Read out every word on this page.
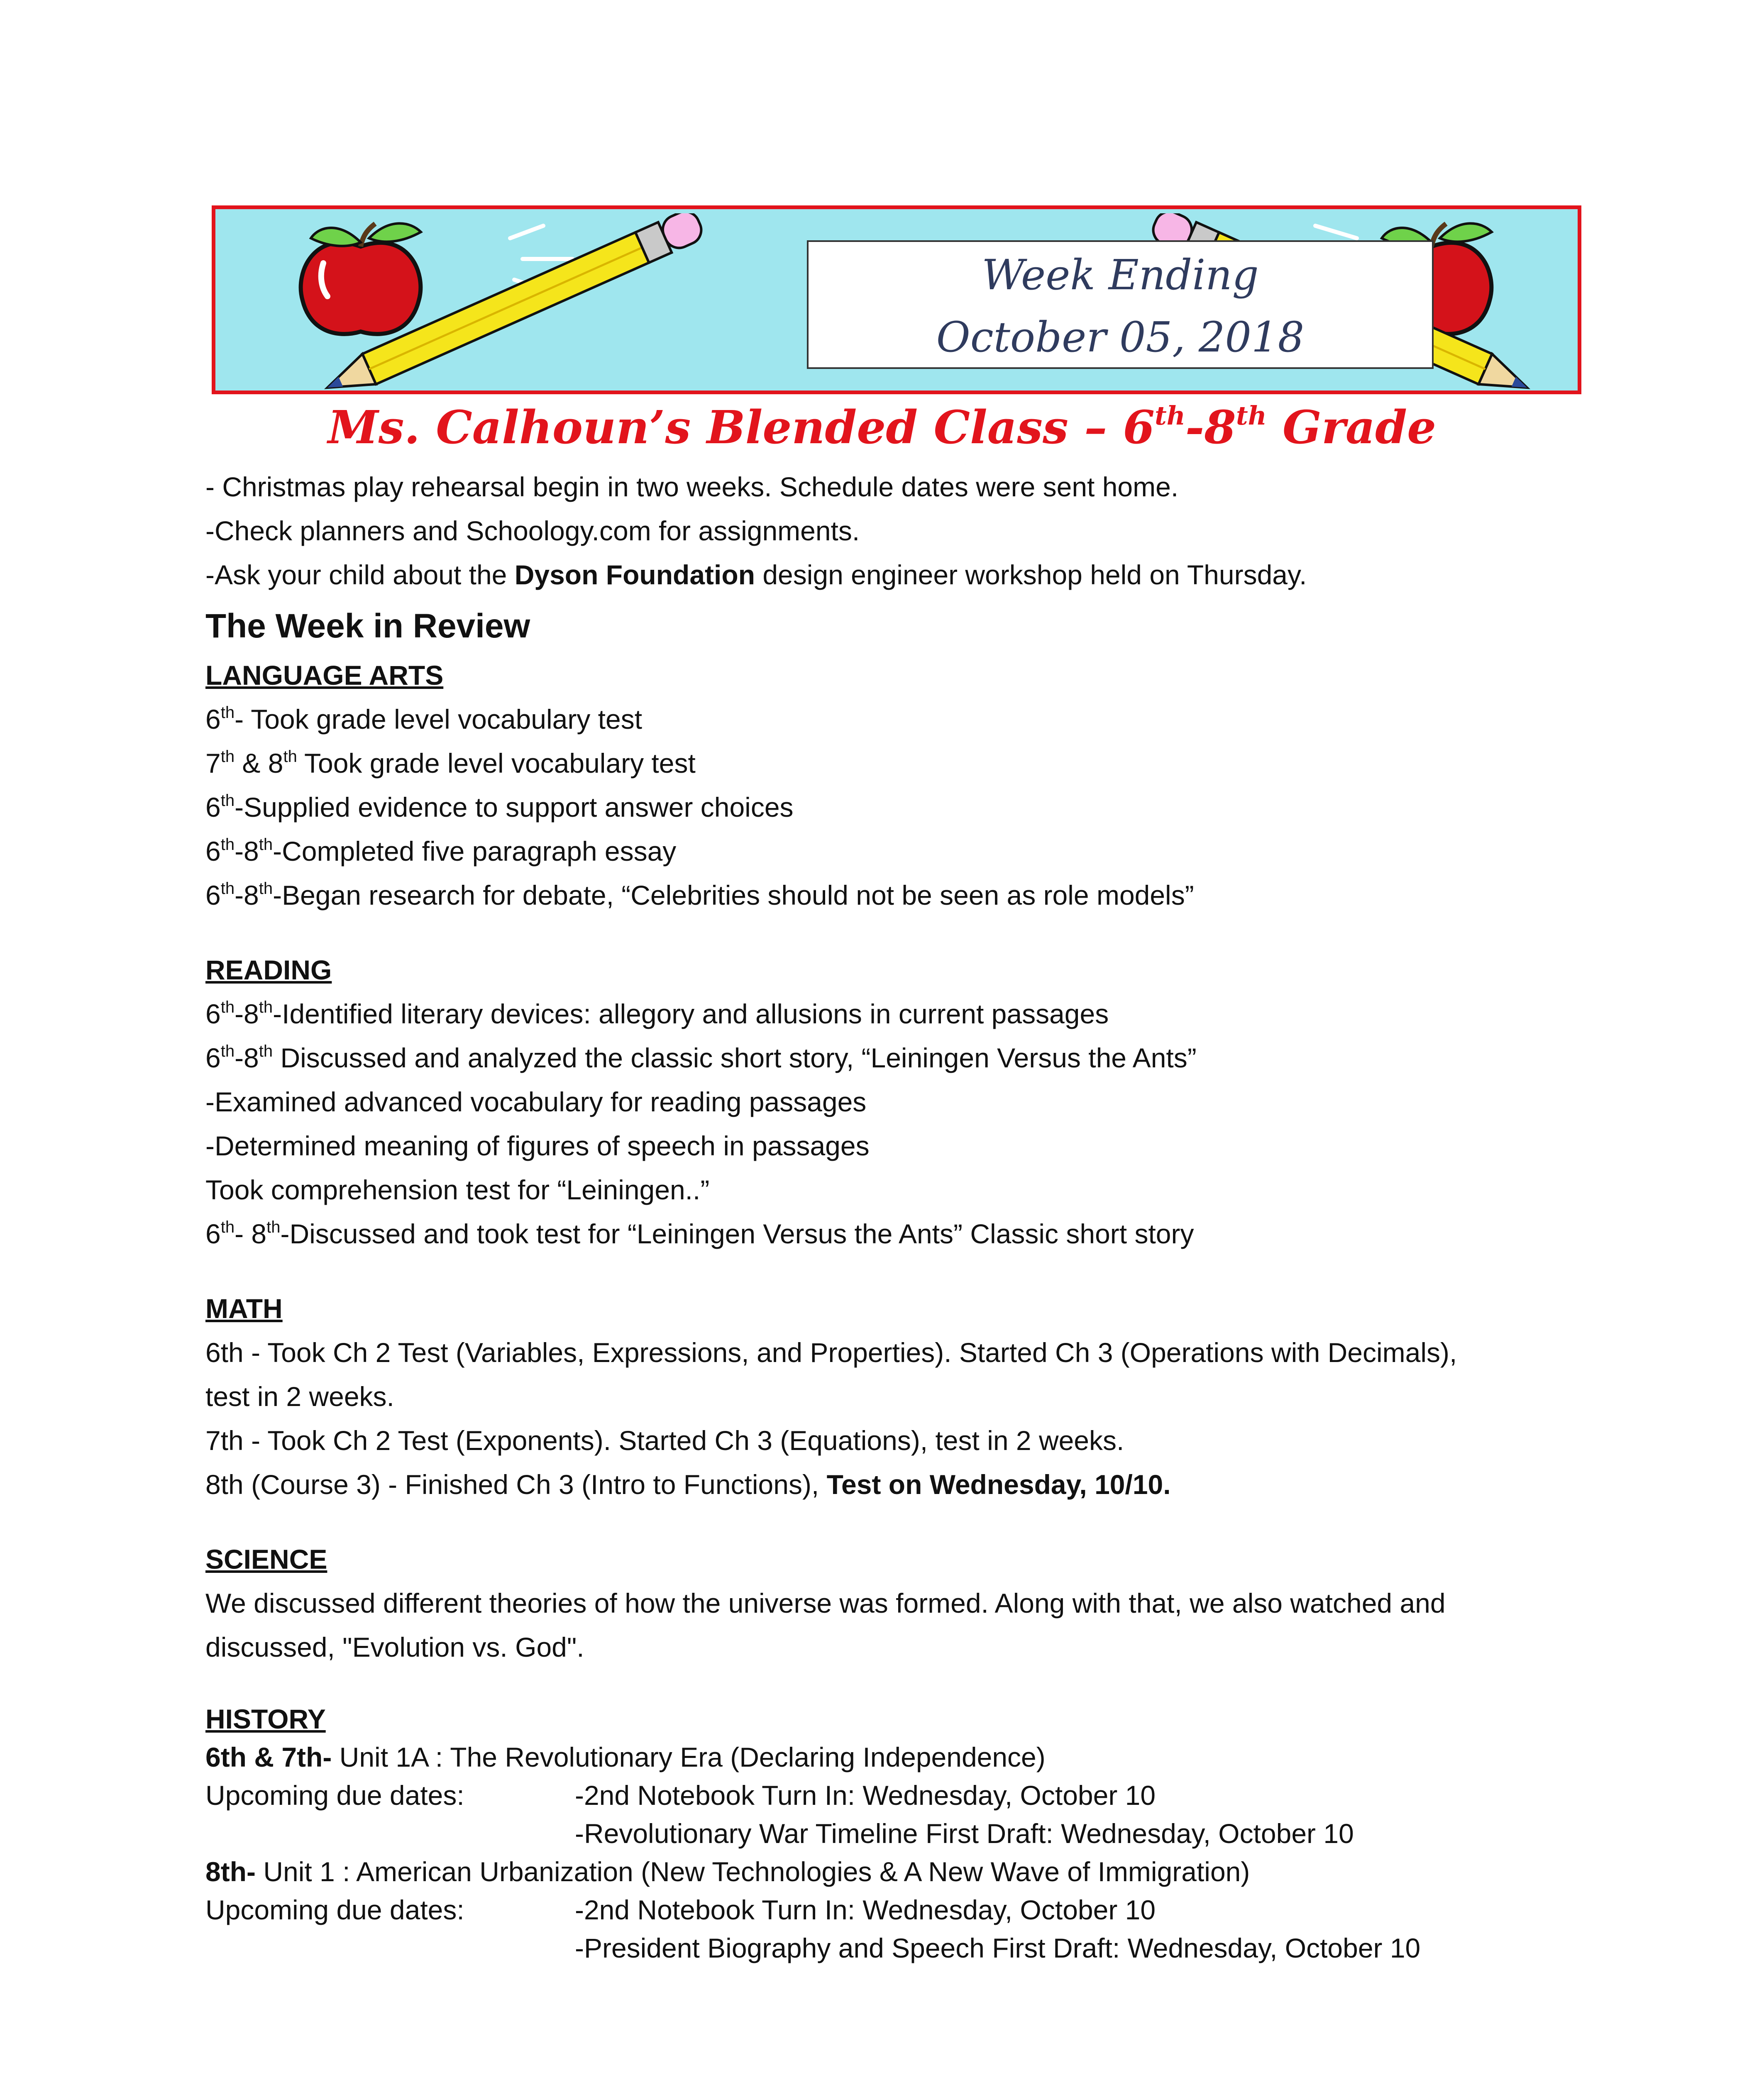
Week Ending
October 05, 2018
Ms. Calhoun’s Blended Class – 6th-8th Grade
- Christmas play rehearsal begin in two weeks. Schedule dates were sent home.
-Check planners and Schoology.com for assignments.
-Ask your child about the Dyson Foundation design engineer workshop held on Thursday.
The Week in Review
LANGUAGE ARTS
6th- Took grade level vocabulary test
7th & 8th Took grade level vocabulary test
6th-Supplied evidence to support answer choices
6th-8th-Completed five paragraph essay
6th-8th-Began research for debate, “Celebrities should not be seen as role models”
READING
6th-8th-Identified literary devices: allegory and allusions in current passages
6th-8th Discussed and analyzed the classic short story, “Leiningen Versus the Ants”
-Examined advanced vocabulary for reading passages
-Determined meaning of figures of speech in passages
Took comprehension test for “Leiningen..”
6th- 8th-Discussed and took test for “Leiningen Versus the Ants” Classic short story
MATH
6th - Took Ch 2 Test (Variables, Expressions, and Properties). Started Ch 3 (Operations with Decimals),
test in 2 weeks.
7th - Took Ch 2 Test (Exponents). Started Ch 3 (Equations), test in 2 weeks.
8th (Course 3) - Finished Ch 3 (Intro to Functions), Test on Wednesday, 10/10.
SCIENCE
We discussed different theories of how the universe was formed. Along with that, we also watched and
discussed, "Evolution vs. God".
HISTORY
6th & 7th- Unit 1A : The Revolutionary Era (Declaring Independence)
Upcoming due dates:	-2nd Notebook Turn In: Wednesday, October 10
-Revolutionary War Timeline First Draft: Wednesday, October 10
8th- Unit 1 : American Urbanization (New Technologies & A New Wave of Immigration)
Upcoming due dates:	-2nd Notebook Turn In: Wednesday, October 10
-President Biography and Speech First Draft: Wednesday, October 10
